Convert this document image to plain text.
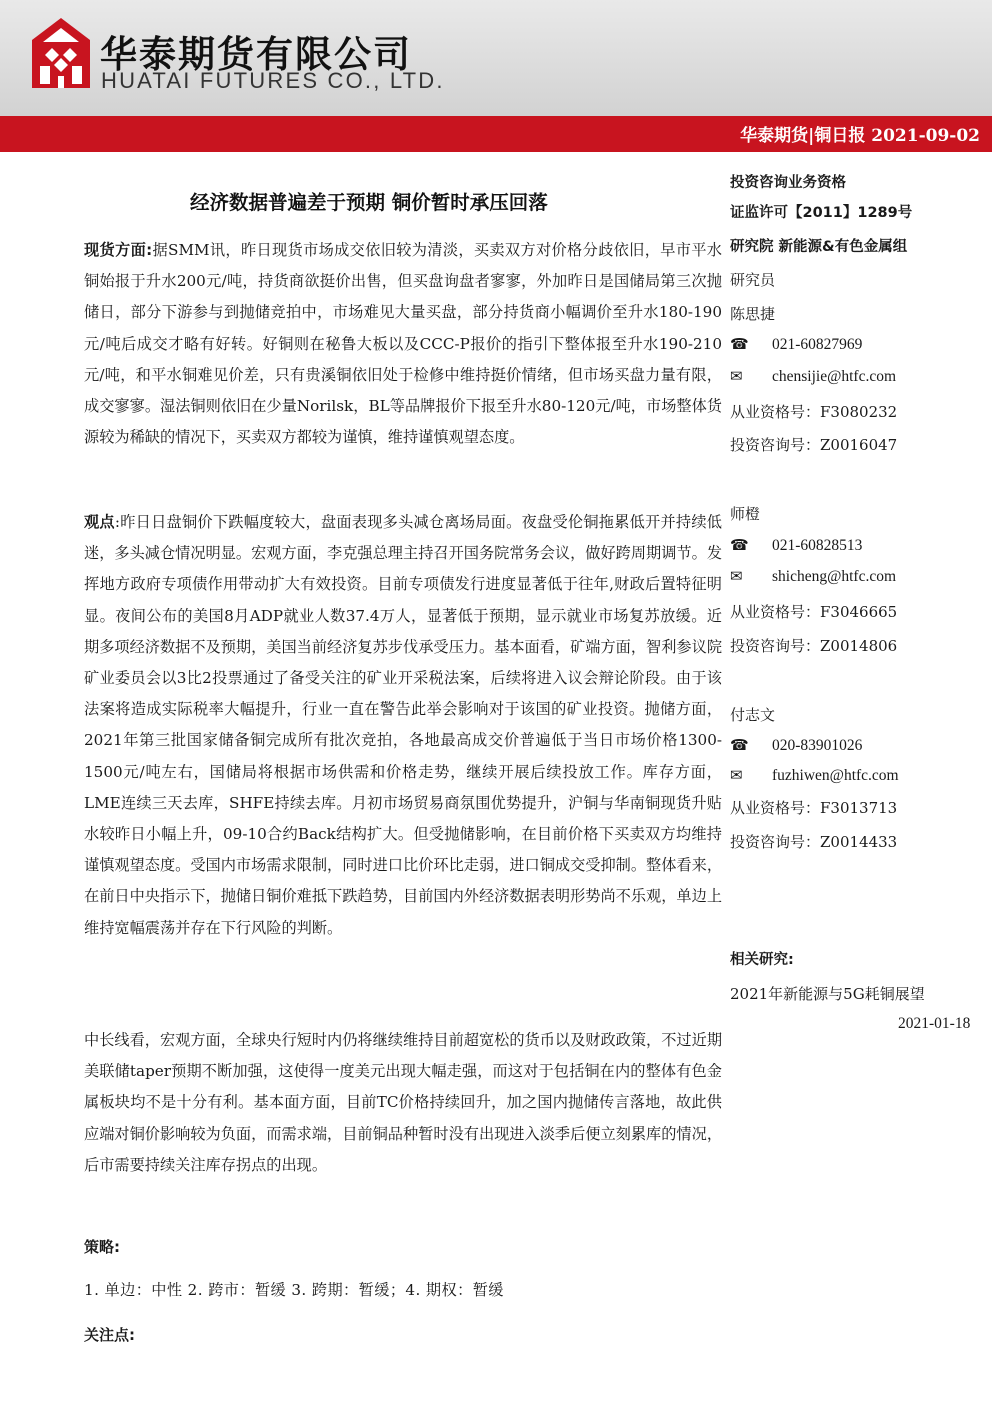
华泰期货有限公司
HUATAI FUTURES CO., LTD.
华泰期货|铜日报 2021-09-02
经济数据普遍差于预期 铜价暂时承压回落
现货方面:据SMM讯，昨日现货市场成交依旧较为清淡，买卖双方对价格分歧依旧，早市平水铜始报于升水200元/吨，持货商欲挺价出售，但买盘询盘者寥寥，外加昨日是国储局第三次抛储日，部分下游参与到抛储竞拍中，市场难见大量买盘，部分持货商小幅调价至升水180-190元/吨后成交才略有好转。好铜则在秘鲁大板以及CCC-P报价的指引下整体报至升水190-210元/吨，和平水铜难见价差，只有贵溪铜依旧处于检修中维持挺价情绪，但市场买盘力量有限，成交寥寥。湿法铜则依旧在少量Norilsk，BL等品牌报价下报至升水80-120元/吨，市场整体货源较为稀缺的情况下，买卖双方都较为谨慎，维持谨慎观望态度。
观点:昨日日盘铜价下跌幅度较大，盘面表现多头减仓离场局面。夜盘受伦铜拖累低开并持续低迷，多头减仓情况明显。宏观方面，李克强总理主持召开国务院常务会议，做好跨周期调节。发挥地方政府专项债作用带动扩大有效投资。目前专项债发行进度显著低于往年,财政后置特征明显。夜间公布的美国8月ADP就业人数37.4万人，显著低于预期，显示就业市场复苏放缓。近期多项经济数据不及预期，美国当前经济复苏步伐承受压力。基本面看，矿端方面，智利参议院矿业委员会以3比2投票通过了备受关注的矿业开采税法案，后续将进入议会辩论阶段。由于该法案将造成实际税率大幅提升，行业一直在警告此举会影响对于该国的矿业投资。抛储方面，2021年第三批国家储备铜完成所有批次竞拍，各地最高成交价普遍低于当日市场价格1300-1500元/吨左右，国储局将根据市场供需和价格走势，继续开展后续投放工作。库存方面，LME连续三天去库，SHFE持续去库。月初市场贸易商氛围优势提升，沪铜与华南铜现货升贴水较昨日小幅上升，09-10合约Back结构扩大。但受抛储影响，在目前价格下买卖双方均维持谨慎观望态度。受国内市场需求限制，同时进口比价环比走弱，进口铜成交受抑制。整体看来，在前日中央指示下，抛储日铜价难抵下跌趋势，目前国内外经济数据表明形势尚不乐观，单边上维持宽幅震荡并存在下行风险的判断。
中长线看，宏观方面，全球央行短时内仍将继续维持目前超宽松的货币以及财政政策，不过近期美联储taper预期不断加强，这使得一度美元出现大幅走强，而这对于包括铜在内的整体有色金属板块均不是十分有利。基本面方面，目前TC价格持续回升，加之国内抛储传言落地，故此供应端对铜价影响较为负面，而需求端，目前铜品种暂时没有出现进入淡季后便立刻累库的情况，后市需要持续关注库存拐点的出现。
策略:
1. 单边：中性 2. 跨市：暂缓 3. 跨期：暂缓；4. 期权：暂缓
关注点:
投资咨询业务资格
证监许可【2011】1289号
研究院 新能源&有色金属组
研究员
陈思捷
☎ 021-60827969
✉ chensijie@htfc.com
从业资格号：F3080232
投资咨询号：Z0016047
师橙
☎ 021-60828513
✉ shicheng@htfc.com
从业资格号：F3046665
投资咨询号：Z0014806
付志文
☎ 020-83901026
✉ fuzhiwen@htfc.com
从业资格号：F3013713
投资咨询号：Z0014433
相关研究:
2021年新能源与5G耗铜展望
2021-01-18
